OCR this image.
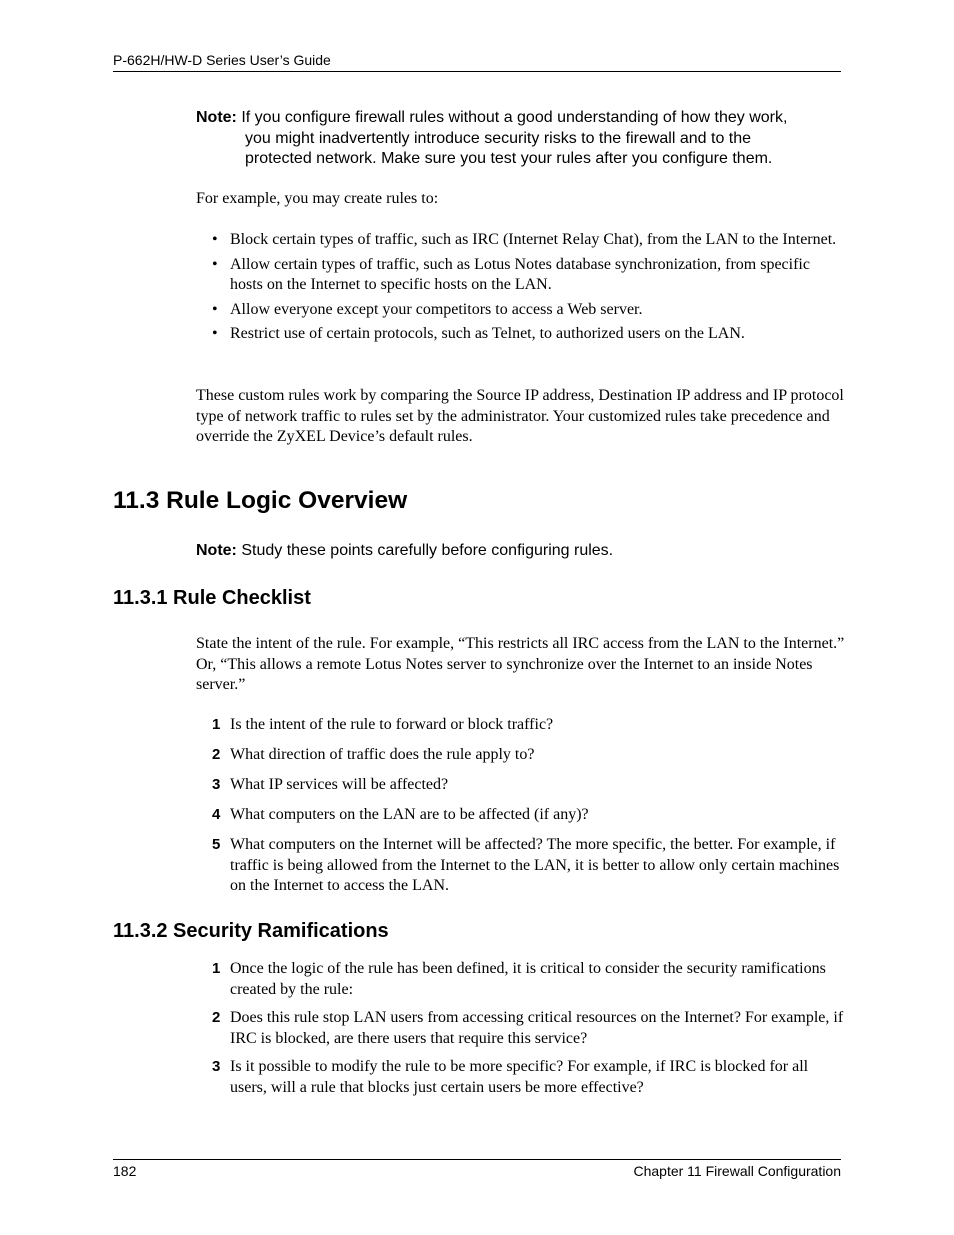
P-662H/HW-D Series User’s Guide
Note: If you configure firewall rules without a good understanding of how they work,
you might inadvertently introduce security risks to the firewall and to the
protected network. Make sure you test your rules after you configure them.
For example, you may create rules to:
• Block certain types of traffic, such as IRC (Internet Relay Chat), from the LAN to the Internet.
• Allow certain types of traffic, such as Lotus Notes database synchronization, from specific hosts on the Internet to specific hosts on the LAN.
• Allow everyone except your competitors to access a Web server.
• Restrict use of certain protocols, such as Telnet, to authorized users on the LAN.
These custom rules work by comparing the Source IP address, Destination IP address and IP protocol type of network traffic to rules set by the administrator. Your customized rules take precedence and override the ZyXEL Device’s default rules.
11.3 Rule Logic Overview
Note: Study these points carefully before configuring rules.
11.3.1 Rule Checklist
State the intent of the rule. For example, “This restricts all IRC access from the LAN to the Internet.” Or, “This allows a remote Lotus Notes server to synchronize over the Internet to an inside Notes server.”
1 Is the intent of the rule to forward or block traffic?
2 What direction of traffic does the rule apply to?
3 What IP services will be affected?
4 What computers on the LAN are to be affected (if any)?
5 What computers on the Internet will be affected? The more specific, the better. For example, if traffic is being allowed from the Internet to the LAN, it is better to allow only certain machines on the Internet to access the LAN.
11.3.2 Security Ramifications
1 Once the logic of the rule has been defined, it is critical to consider the security ramifications created by the rule:
2 Does this rule stop LAN users from accessing critical resources on the Internet? For example, if IRC is blocked, are there users that require this service?
3 Is it possible to modify the rule to be more specific? For example, if IRC is blocked for all users, will a rule that blocks just certain users be more effective?
182	Chapter 11 Firewall Configuration
